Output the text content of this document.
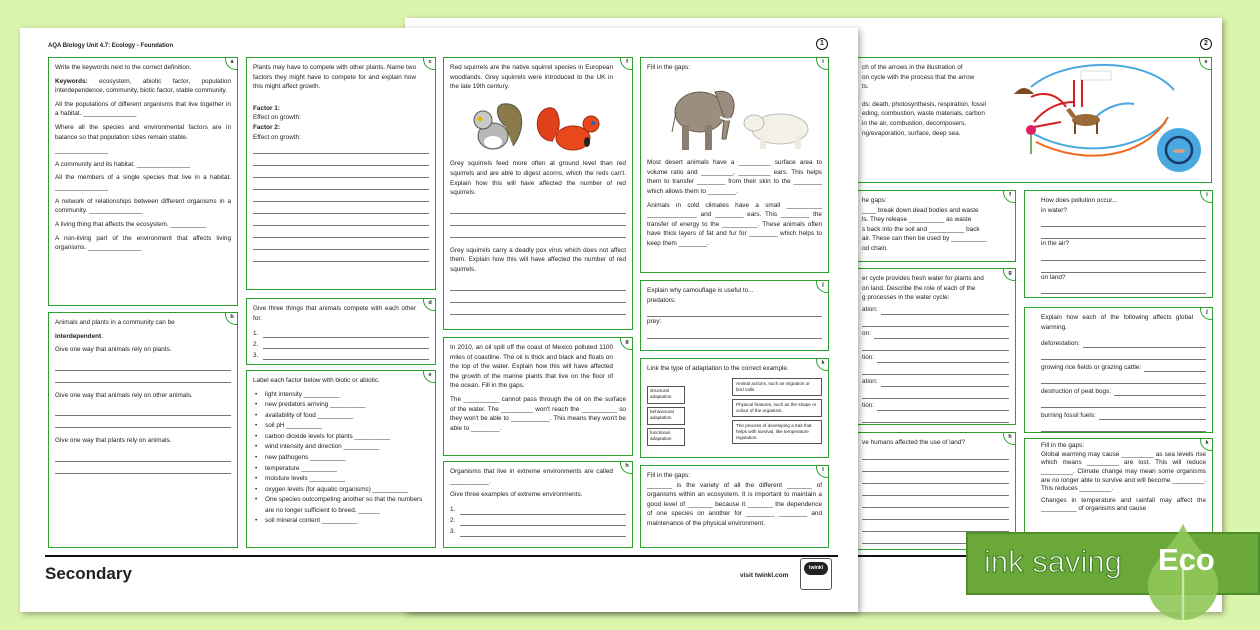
2
e
ch of the arrows in the illustration of
on cycle with the process that the arrow
ts.
ds: death, photosynthesis, respiration, fossil
eding, combustion, waste materials, carbon
in the air, combustion, decomposers,
ng/evaporation, surface, deep sea.
f
he gaps:
____ break down dead bodies and waste
ls. They release __________ as waste
s back into the soil and __________ back
air. These can then be used by __________
od chain.
g
er cycle provides fresh water for plants and
on land. Describe the role of each of the
g processes in the water cycle:
ation:
on:
tion:
ation:
tion:
h
ve humans affected the use of land?
i
How does pollution occur...
in water?
in the air?
on land?
j
Explain how each of the following affects global warming.
deforestation:
growing rice fields or grazing cattle:
destruction of peat bogs:
burning fossil fuels:
k
Fill in the gaps:
Global warming may cause _________ as sea levels rise which means _________ are lost. This will reduce _________. Climate change may mean some organisms are no longer able to survive and will become _________. This reduces _________.
Changes in temperature and rainfall may affect the __________ of organisms and cause
AQA Biology Unit 4.7: Ecology - Foundation	1
Secondary	visit twinkl.com
twinkl
a
Write the keywords next to the correct definition.
Keywords: ecosystem, abiotic factor, population interdependence, community, biotic factor, stable community.
All the populations of different organisms that live together in a habitat. _______________
Where all the species and environmental factors are in balance so that population sizes remain stable.
_______________
A community and its habitat. _______________
All the members of a single species that live in a habitat. _______________
A network of relationships between different organisms in a community. _______________
A living thing that affects the ecosystem. __________
A non-living part of the environment that affects living organisms. _______________
b
Animals and plants in a community can be
interdependent.
Give one way that animals rely on plants.
Give one way that animals rely on other animals.
Give one way that plants rely on animals.
c
Plants may have to compete with other plants. Name two factors they might have to compete for and explain how this might affect growth.
Factor 1:
Effect on growth:
Factor 2:
Effect on growth:
d
Give three things that animals compete with each other for.
1.
2.
3.
e
Label each factor below with biotic or abiotic.
• light intensity __________
• new predators arriving __________
• availability of food __________
• soil pH __________
• carbon dioxide levels for plants __________
• wind intensity and direction __________
• new pathogens __________
• temperature __________
• moisture levels __________
• oxygen levels (for aquatic organisms) __________
• One species outcompeting another so that the numbers are no longer sufficient to breed. ______
• soil mineral content __________
f
Red squirrels are the native squirrel species in European woodlands. Grey squirrels were introduced to the UK in the late 19th century.
Grey squirrels feed more often at ground level than red squirrels and are able to digest acorns, which the reds can't. Explain how this will have affected the number of red squirrels.
Grey squirrels carry a deadly pox virus which does not affect them. Explain how this will have affected the number of red squirrels.
g
In 2010, an oil spill off the coast of Mexico polluted 1100 miles of coastline. The oil is thick and black and floats on the top of the water. Explain how this will have affected the growth of the marine plants that live on the floor of the ocean. Fill in the gaps.
The __________ cannot pass through the oil on the surface of the water. The _________ won't reach the __________ so they won't be able to ___________. This means they won't be able to ________.
h
Organisms that live in extreme environments are called ___________.
Give three examples of extreme environments.
1.
2.
3.
i
Fill in the gaps:
Most desert animals have a _________ surface area to volume ratio and _________, _________ ears. This helps them to transfer ________ from their skin to the ________ which allows them to ________.
Animals in cold climates have a small __________ ______________ and ________ ears. This ________ the transfer of energy to the __________. These animals often have thick layers of fat and fur for ________ which helps to keep them ________.
j
Explain why camouflage is useful to...
predators:
prey:
k
Link the type of adaptation to the correct example.
structural adaptation
behavioural adaptation
functional adaptation
Animal actions, such as migration or bird calls.
Physical features, such as the shape or colour of the organism.
The process of developing a trait that helps with survival, like temperature regulation.
l
Fill in the gaps:
_______ is the variety of all the different _______ of organisms within an ecosystem. It is important to maintain a good level of _______ because it _______ the dependence of one species on another for ________ ________ and maintenance of the physical environment.
ink saving Eco
